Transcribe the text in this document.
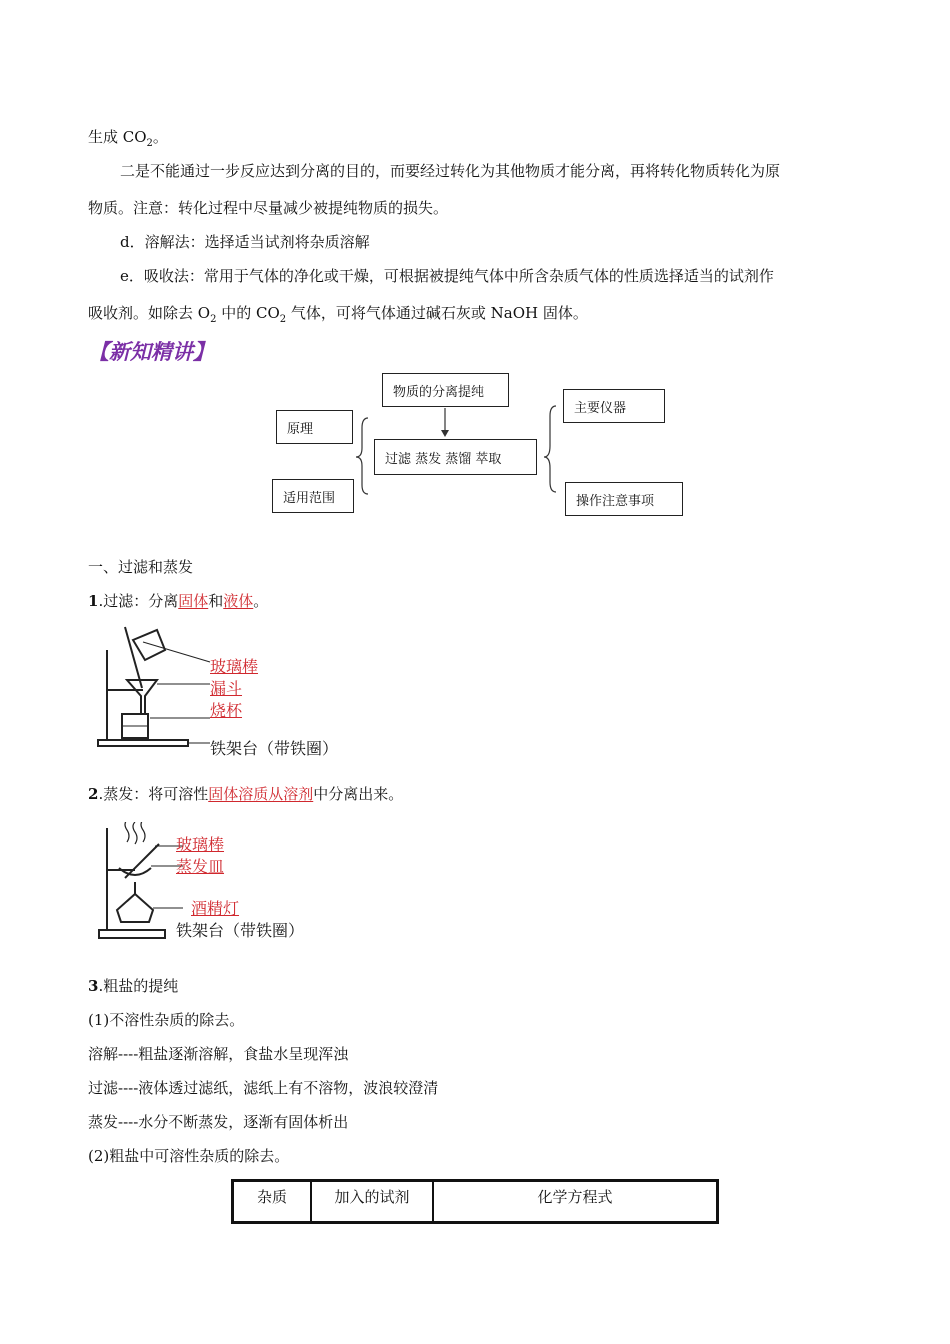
生成 $CO_2$。
二是不能通过一步反应达到分离的目的，而要经过转化为其他物质才能分离，再将转化物质转化为原
物质。注意：转化过程中尽量减少被提纯物质的损失。
d．溶解法：选择适当试剂将杂质溶解
e．吸收法：常用于气体的净化或干燥，可根据被提纯气体中所含杂质气体的性质选择适当的试剂作
吸收剂。如除去 $O_2$ 中的 $CO_2$ 气体，可将气体通过碱石灰或 NaOH 固体。
【新知精讲】
物质的分离提纯
过滤 蒸发 蒸馏 萃取
原理
适用范围
主要仪器
操作注意事项
一、过滤和蒸发
1.过滤：分离固体和液体。
玻璃棒
漏斗
烧杯
铁架台（带铁圈）
2.蒸发：将可溶性固体溶质从溶剂中分离出来。
玻璃棒
蒸发皿
酒精灯
铁架台（带铁圈）
3.粗盐的提纯
(1)不溶性杂质的除去。
溶解----粗盐逐渐溶解，食盐水呈现浑浊
过滤----液体透过滤纸，滤纸上有不溶物，波浪较澄清
蒸发----水分不断蒸发，逐渐有固体析出
(2)粗盐中可溶性杂质的除去。
杂质	加入的试剂	化学方程式
